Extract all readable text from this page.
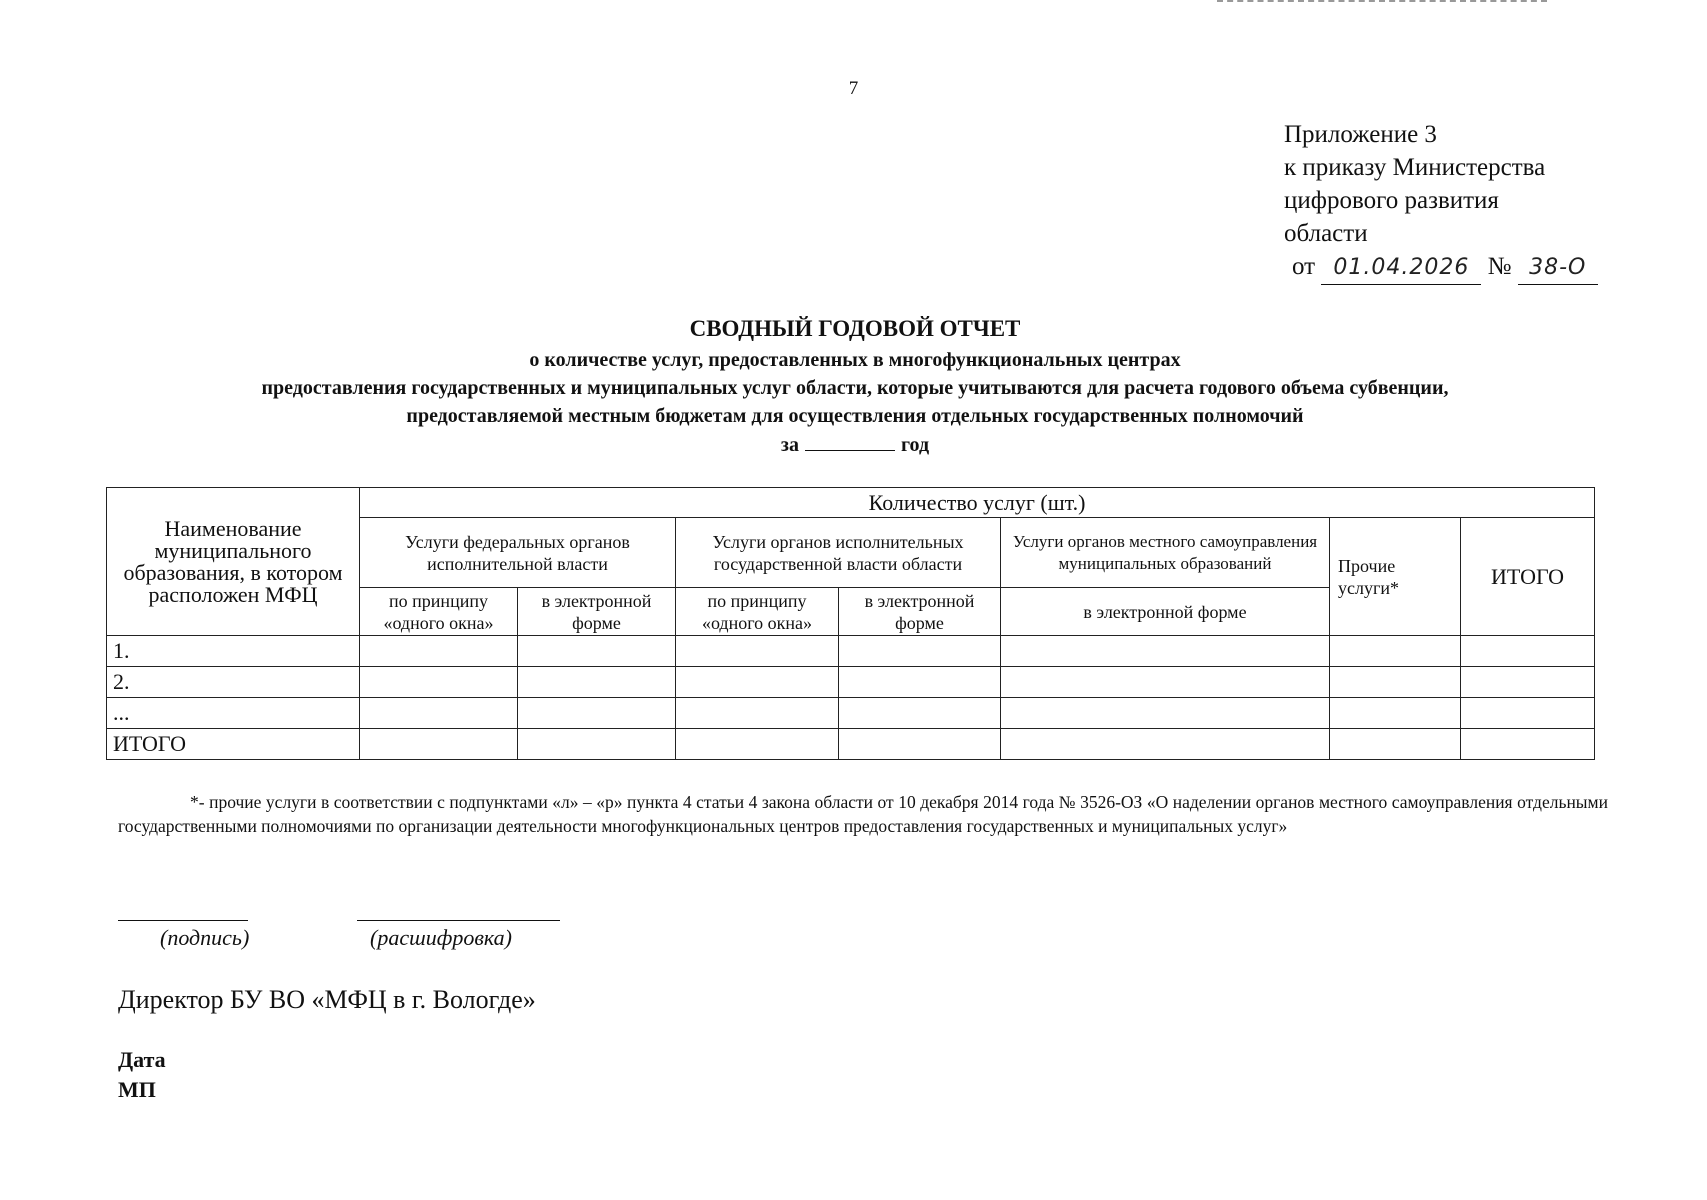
7
Приложение 3
к приказу Министерства
цифрового развития
области
от 01.04.2026 № 38-О
СВОДНЫЙ ГОДОВОЙ ОТЧЕТ
о количестве услуг, предоставленных в многофункциональных центрах
предоставления государственных и муниципальных услуг области, которые учитываются для расчета годового объема субвенции,
предоставляемой местным бюджетам для осуществления отдельных государственных полномочий
за	год
Наименование муниципального образования, в котором расположен МФЦ	Количество услуг (шт.)						
	Услуги федеральных органов исполнительной власти		Услуги органов исполнительных государственной власти области		Услуги органов местного самоуправления муниципальных образований	Прочие услуги*	ИТОГО
	по принципу «одного окна»	в электронной форме	по принципу «одного окна»	в электронной форме	в электронной форме		
1.							
2.							
...							
ИТОГО							
*- прочие услуги в соответствии с подпунктами «л» – «р» пункта 4 статьи 4 закона области от 10 декабря 2014 года № 3526-ОЗ «О наделении органов местного самоуправления отдельными государственными полномочиями по организации деятельности многофункциональных центров предоставления государственных и муниципальных услуг»
(подпись)	(расшифровка)
Директор БУ ВО «МФЦ в г. Вологде»
Дата
МП
